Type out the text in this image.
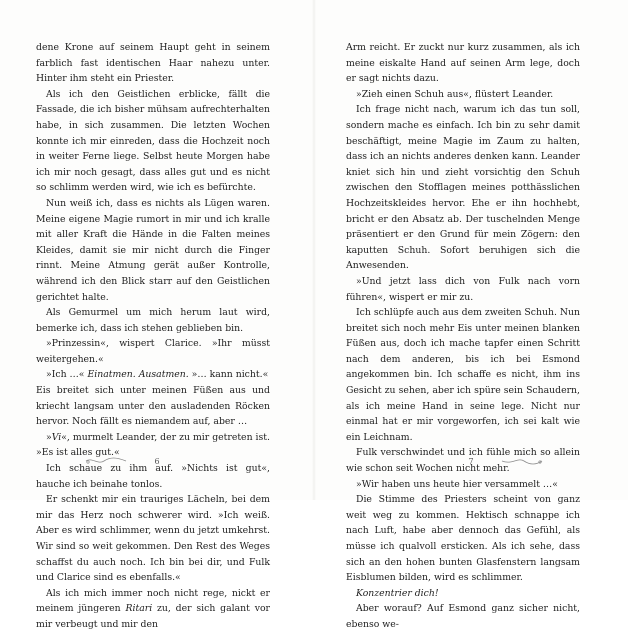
dene Krone auf seinem Haupt geht in seinem farblich fast identischen Haar nahezu unter. Hinter ihm steht ein Priester.

Als ich den Geistlichen erblicke, fällt die Fassade, die ich bisher mühsam aufrechterhalten habe, in sich zusammen. Die letzten Wochen konnte ich mir einreden, dass die Hochzeit noch in weiter Ferne liege. Selbst heute Morgen habe ich mir noch gesagt, dass alles gut und es nicht so schlimm werden wird, wie ich es befürchte.

Nun weiß ich, dass es nichts als Lügen waren. Meine eigene Magie rumort in mir und ich kralle mit aller Kraft die Hände in die Falten meines Kleides, damit sie mir nicht durch die Finger rinnt. Meine Atmung gerät außer Kontrolle, während ich den Blick starr auf den Geistlichen gerichtet halte.

Als Gemurmel um mich herum laut wird, bemerke ich, dass ich stehen geblieben bin.

»Prinzessin«, wispert Clarice. »Ihr müsst weitergehen.«

»Ich …« Einatmen. Ausatmen. »… kann nicht.«

Eis breitet sich unter meinen Füßen aus und kriecht langsam unter den ausladenden Röcken hervor. Noch fällt es niemandem auf, aber …

»Vi«, murmelt Leander, der zu mir getreten ist. »Es ist alles gut.«

Ich schaue zu ihm auf. »Nichts ist gut«, hauche ich beinahe tonlos.

Er schenkt mir ein trauriges Lächeln, bei dem mir das Herz noch schwerer wird. »Ich weiß. Aber es wird schlimmer, wenn du jetzt umkehrst. Wir sind so weit gekommen. Den Rest des Weges schaffst du auch noch. Ich bin bei dir, und Fulk und Clarice sind es ebenfalls.«

Als ich mich immer noch nicht rege, nickt er meinem jüngeren Ritari zu, der sich galant vor mir verbeugt und mir den

6

Arm reicht. Er zuckt nur kurz zusammen, als ich meine eiskalte Hand auf seinen Arm lege, doch er sagt nichts dazu.

»Zieh einen Schuh aus«, flüstert Leander.

Ich frage nicht nach, warum ich das tun soll, sondern mache es einfach. Ich bin zu sehr damit beschäftigt, meine Magie im Zaum zu halten, dass ich an nichts anderes denken kann. Leander kniet sich hin und zieht vorsichtig den Schuh zwischen den Stofflagen meines potthässlichen Hochzeitskleides hervor. Ehe er ihn hochhebt, bricht er den Absatz ab. Der tuschelnden Menge präsentiert er den Grund für mein Zögern: den kaputten Schuh. Sofort beruhigen sich die Anwesenden.

»Und jetzt lass dich von Fulk nach vorn führen«, wispert er mir zu.

Ich schlüpfe auch aus dem zweiten Schuh. Nun breitet sich noch mehr Eis unter meinen blanken Füßen aus, doch ich mache tapfer einen Schritt nach dem anderen, bis ich bei Esmond angekommen bin. Ich schaffe es nicht, ihm ins Gesicht zu sehen, aber ich spüre sein Schaudern, als ich meine Hand in seine lege. Nicht nur einmal hat er mir vorgeworfen, ich sei kalt wie ein Leichnam.

Fulk verschwindet und ich fühle mich so allein wie schon seit Wochen nicht mehr.

»Wir haben uns heute hier versammelt …«

Die Stimme des Priesters scheint von ganz weit weg zu kommen. Hektisch schnappe ich nach Luft, habe aber dennoch das Gefühl, als müsse ich qualvoll ersticken. Als ich sehe, dass sich an den hohen bunten Glasfenstern langsam Eisblumen bilden, wird es schlimmer.

Konzentrier dich!

Aber worauf? Auf Esmond ganz sicher nicht, ebenso we-

7
